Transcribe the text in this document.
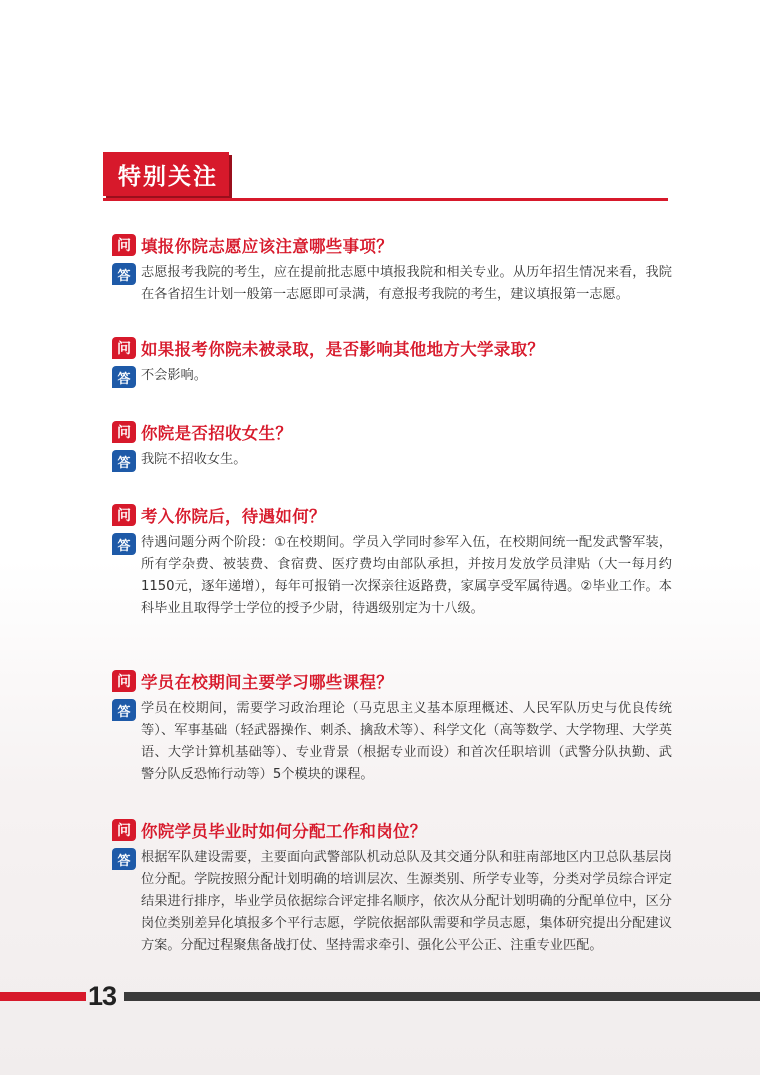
特别关注
问 填报你院志愿应该注意哪些事项？
答 志愿报考我院的考生，应在提前批志愿中填报我院和相关专业。从历年招生情况来看，我院在各省招生计划一般第一志愿即可录满，有意报考我院的考生，建议填报第一志愿。
问 如果报考你院未被录取，是否影响其他地方大学录取？
答 不会影响。
问 你院是否招收女生？
答 我院不招收女生。
问 考入你院后，待遇如何？
答 待遇问题分两个阶段：①在校期间。学员入学同时参军入伍，在校期间统一配发武警军装，所有学杂费、被装费、食宿费、医疗费均由部队承担，并按月发放学员津贴（大一每月约1150元，逐年递增），每年可报销一次探亲往返路费，家属享受军属待遇。②毕业工作。本科毕业且取得学士学位的授予少尉，待遇级别定为十八级。
问 学员在校期间主要学习哪些课程？
答 学员在校期间，需要学习政治理论（马克思主义基本原理概述、人民军队历史与优良传统等）、军事基础（轻武器操作、刺杀、擒敌术等）、科学文化（高等数学、大学物理、大学英语、大学计算机基础等）、专业背景（根据专业而设）和首次任职培训（武警分队执勤、武警分队反恐怖行动等）5个模块的课程。
问 你院学员毕业时如何分配工作和岗位？
答 根据军队建设需要，主要面向武警部队机动总队及其交通分队和驻南部地区内卫总队基层岗位分配。学院按照分配计划明确的培训层次、生源类别、所学专业等，分类对学员综合评定结果进行排序，毕业学员依据综合评定排名顺序，依次从分配计划明确的分配单位中，区分岗位类别差异化填报多个平行志愿，学院依据部队需要和学员志愿，集体研究提出分配建议方案。分配过程聚焦备战打仗、坚持需求牵引、强化公平公正、注重专业匹配。
13
